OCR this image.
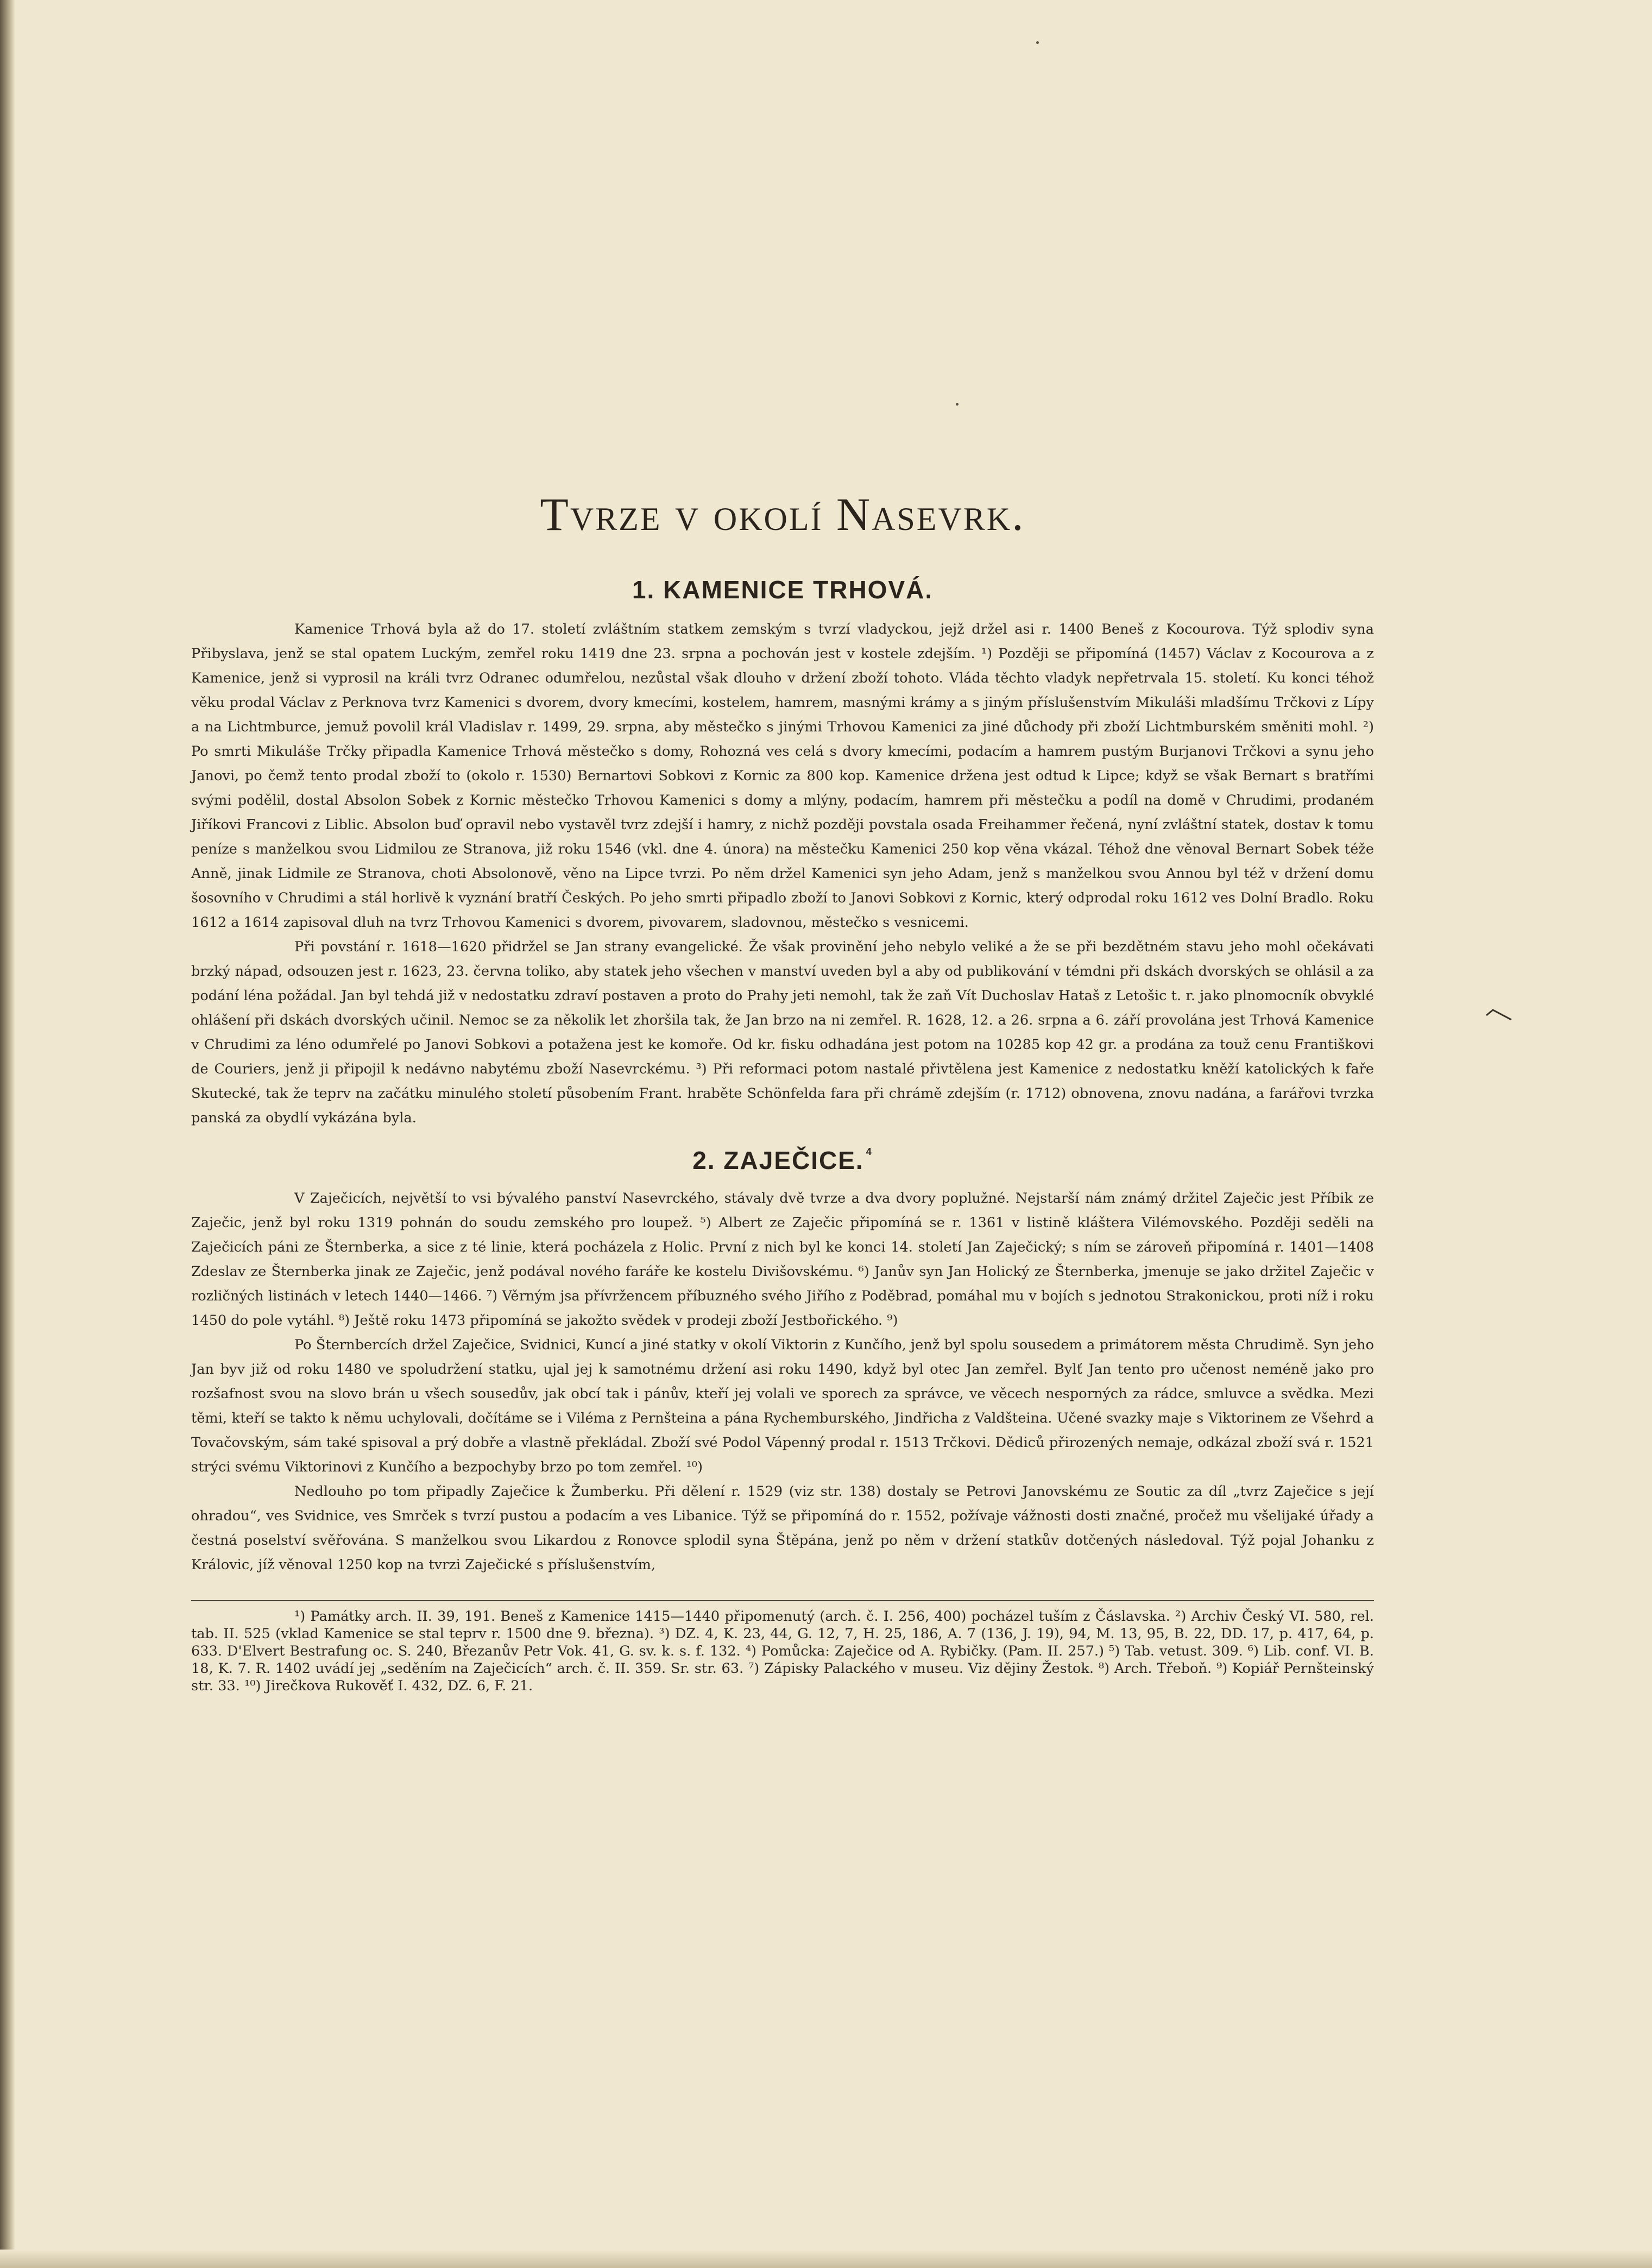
Tvrze v okolí Nasevrk.
1. KAMENICE TRHOVÁ.

Kamenice Trhová byla až do 17. století zvláštním statkem zemským s tvrzí vladyckou, jejž držel asi r. 1400 Beneš z Kocourova. Týž splodiv syna Přibyslava, jenž se stal opatem Luckým, zemřel roku 1419 dne 23. srpna a pochován jest v kostele zdejším. ¹) Později se připomíná (1457) Václav z Kocourova a z Kamenice, jenž si vyprosil na králi tvrz Odranec odumřelou, nezůstal však dlouho v držení zboží tohoto. Vláda těchto vladyk nepřetrvala 15. století. Ku konci téhož věku prodal Václav z Perknova tvrz Kamenici s dvorem, dvory kmecími, kostelem, hamrem, masnými krámy a s jiným příslušenstvím Mikuláši mladšímu Trčkovi z Lípy a na Lichtmburce, jemuž povolil král Vladislav r. 1499, 29. srpna, aby městečko s jinými Trhovou Kamenici za jiné důchody při zboží Lichtmburském směniti mohl. ²) Po smrti Mikuláše Trčky připadla Kamenice Trhová městečko s domy, Rohozná ves celá s dvory kmecími, podacím a hamrem pustým Burjanovi Trčkovi a synu jeho Janovi, po čemž tento prodal zboží to (okolo r. 1530) Bernartovi Sobkovi z Kornic za 800 kop. Kamenice držena jest odtud k Lipce; když se však Bernart s bratřími svými podělil, dostal Absolon Sobek z Kornic městečko Trhovou Kamenici s domy a mlýny, podacím, hamrem při městečku a podíl na domě v Chrudimi, prodaném Jiříkovi Francovi z Liblic. Absolon buď opravil nebo vystavěl tvrz zdejší i hamry, z nichž později povstala osada Freihammer řečená, nyní zvláštní statek, dostav k tomu peníze s manželkou svou Lidmilou ze Stranova, již roku 1546 (vkl. dne 4. února) na městečku Kamenici 250 kop věna vkázal. Téhož dne věnoval Bernart Sobek téže Anně, jinak Lidmile ze Stranova, choti Absolonově, věno na Lipce tvrzi. Po něm držel Kamenici syn jeho Adam, jenž s manželkou svou Annou byl též v držení domu šosovního v Chrudimi a stál horlivě k vyznání bratří Českých. Po jeho smrti připadlo zboží to Janovi Sobkovi z Kornic, který odprodal roku 1612 ves Dolní Bradlo. Roku 1612 a 1614 zapisoval dluh na tvrz Trhovou Kamenici s dvorem, pivovarem, sladovnou, městečko s vesnicemi.

Při povstání r. 1618—1620 přidržel se Jan strany evangelické. Že však provinění jeho nebylo veliké a že se při bezdětném stavu jeho mohl očekávati brzký nápad, odsouzen jest r. 1623, 23. června toliko, aby statek jeho všechen v manství uveden byl a aby od publikování v témdni při dskách dvorských se ohlásil a za podání léna požádal. Jan byl tehdá již v nedostatku zdraví postaven a proto do Prahy jeti nemohl, tak že zaň Vít Duchoslav Hataš z Letošic t. r. jako plnomocník obvyklé ohlášení při dskách dvorských učinil. Nemoc se za několik let zhoršila tak, že Jan brzo na ni zemřel. R. 1628, 12. a 26. srpna a 6. září provolána jest Trhová Kamenice v Chrudimi za léno odumřelé po Janovi Sobkovi a potažena jest ke komoře. Od kr. fisku odhadána jest potom na 10285 kop 42 gr. a prodána za touž cenu Františkovi de Couriers, jenž ji připojil k nedávno nabytému zboží Nasevrckému. ³) Při reformaci potom nastalé přivtělena jest Kamenice z nedostatku kněží katolických k faře Skutecké, tak že teprv na začátku minulého století působením Frant. hraběte Schönfelda fara při chrámě zdejším (r. 1712) obnovena, znovu nadána, a farářovi tvrzka panská za obydlí vykázána byla.

2. ZAJEČICE. $^4$

V Zaječicích, největší to vsi bývalého panství Nasevrckého, stávaly dvě tvrze a dva dvory poplužné. Nejstarší nám známý držitel Zaječic jest Příbik ze Zaječic, jenž byl roku 1319 pohnán do soudu zemského pro loupež. ⁵) Albert ze Zaječic připomíná se r. 1361 v listině kláštera Vilémovského. Později seděli na Zaječicích páni ze Šternberka, a sice z té linie, která pocházela z Holic. První z nich byl ke konci 14. století Jan Zaječický; s ním se zároveň připomíná r. 1401—1408 Zdeslav ze Šternberka jinak ze Zaječic, jenž podával nového faráře ke kostelu Divišovskému. ⁶) Janův syn Jan Holický ze Šternberka, jmenuje se jako držitel Zaječic v rozličných listinách v letech 1440—1466. ⁷) Věrným jsa přívržencem příbuzného svého Jiřího z Poděbrad, pomáhal mu v bojích s jednotou Strakonickou, proti níž i roku 1450 do pole vytáhl. ⁸) Ještě roku 1473 připomíná se jakožto svědek v prodeji zboží Jestbořického. ⁹)

Po Šternbercích držel Zaječice, Svidnici, Kuncí a jiné statky v okolí Viktorin z Kunčího, jenž byl spolu sousedem a primátorem města Chrudimě. Syn jeho Jan byv již od roku 1480 ve spoludržení statku, ujal jej k samotnému držení asi roku 1490, když byl otec Jan zemřel. Bylť Jan tento pro učenost neméně jako pro rozšafnost svou na slovo brán u všech sousedův, jak obcí tak i pánův, kteří jej volali ve sporech za správce, ve věcech nesporných za rádce, smluvce a svědka. Mezi těmi, kteří se takto k němu uchylovali, dočítáme se i Viléma z Pernšteina a pána Rychemburského, Jindřicha z Valdšteina. Učené svazky maje s Viktorinem ze Všehrd a Tovačovským, sám také spisoval a prý dobře a vlastně překládal. Zboží své Podol Vápenný prodal r. 1513 Trčkovi. Dědiců přirozených nemaje, odkázal zboží svá r. 1521 strýci svému Viktorinovi z Kunčího a bezpochyby brzo po tom zemřel. ¹⁰)

Nedlouho po tom připadly Zaječice k Žumberku. Při dělení r. 1529 (viz str. 138) dostaly se Petrovi Janovskému ze Soutic za díl „tvrz Zaječice s její ohradou“, ves Svidnice, ves Smrček s tvrzí pustou a podacím a ves Libanice. Týž se připomíná do r. 1552, požívaje vážnosti dosti značné, pročež mu všelijaké úřady a čestná poselství svěřována. S manželkou svou Likardou z Ronovce splodil syna Štěpána, jenž po něm v držení statkův dotčených následoval. Týž pojal Johanku z Královic, jíž věnoval 1250 kop na tvrzi Zaječické s příslušenstvím,

¹) Památky arch. II. 39, 191. Beneš z Kamenice 1415—1440 připomenutý (arch. č. I. 256, 400) pocházel tuším z Čáslavska. ²) Archiv Český VI. 580, rel. tab. II. 525 (vklad Kamenice se stal teprv r. 1500 dne 9. března). ³) DZ. 4, K. 23, 44, G. 12, 7, H. 25, 186, A. 7 (136, J. 19), 94, M. 13, 95, B. 22, DD. 17, p. 417, 64, p. 633. D'Elvert Bestrafung oc. S. 240, Březanův Petr Vok. 41, G. sv. k. s. f. 132. ⁴) Pomůcka: Zaječice od A. Rybičky. (Pam. II. 257.) ⁵) Tab. vetust. 309. ⁶) Lib. conf. VI. B. 18, K. 7. R. 1402 uvádí jej „seděním na Zaječicích“ arch. č. II. 359. Sr. str. 63. ⁷) Zápisky Palackého v museu. Viz dějiny Žestok. ⁸) Arch. Třeboň. ⁹) Kopiář Pernšteinský str. 33. ¹⁰) Jirečkova Rukověť I. 432, DZ. 6, F. 21.
